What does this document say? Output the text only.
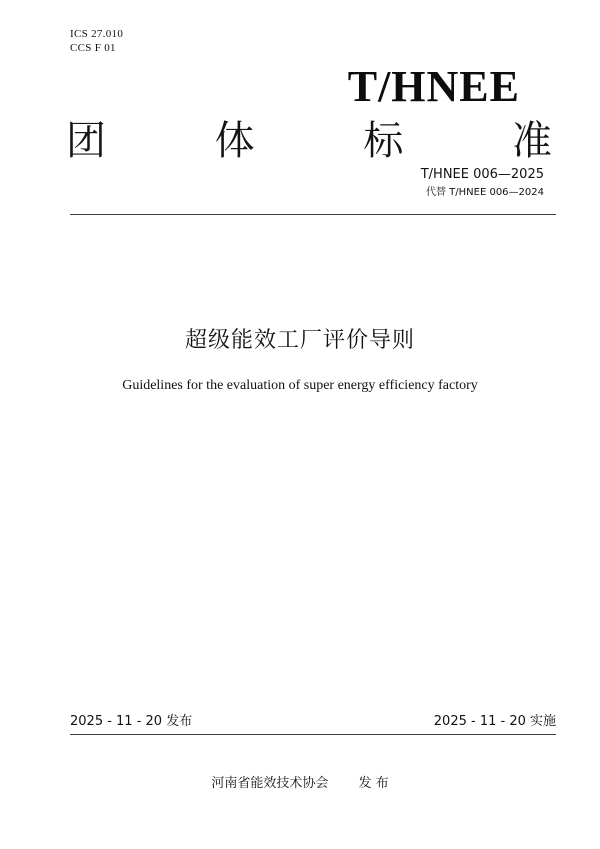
ICS 27.010
CCS F 01
T/HNEE
团	体	标	准
T/HNEE 006—2025
代替 T/HNEE 006—2024
超级能效工厂评价导则
Guidelines for the evaluation of super energy efficiency factory
2025 - 11 - 20 发布	2025 - 11 - 20 实施
河南省能效技术协会 发 布
